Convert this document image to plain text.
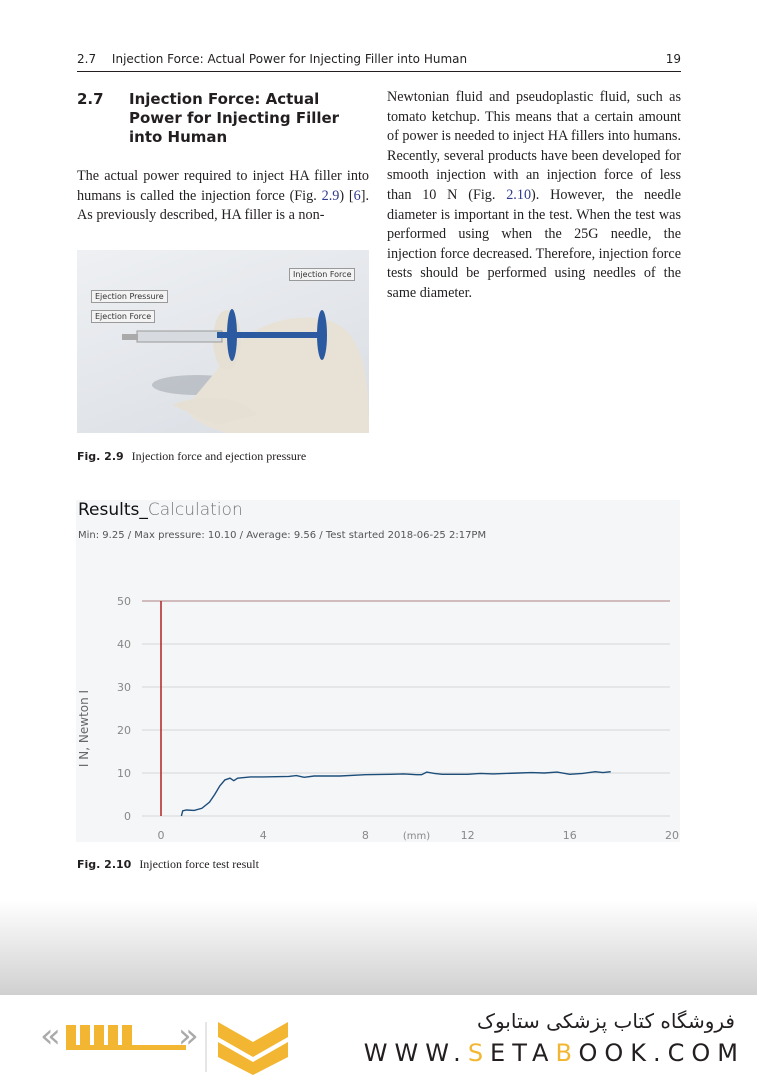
2.7 Injection Force: Actual Power for Injecting Filler into Human	19
2.7 Injection Force: Actual Power for Injecting Filler into Human
The actual power required to inject HA filler into humans is called the injection force (Fig. 2.9) [6]. As previously described, HA filler is a non-
Newtonian fluid and pseudoplastic fluid, such as tomato ketchup. This means that a certain amount of power is needed to inject HA fillers into humans. Recently, several products have been developed for smooth injection with an injection force of less than 10 N (Fig. 2.10). However, the needle diameter is important in the test. When the test was performed using when the 25G needle, the injection force decreased. Therefore, injection force tests should be performed using needles of the same diameter.
Injection Force
Ejection Pressure
Ejection Force
Fig. 2.9 Injection force and ejection pressure
Results_Calculation
Min: 9.25 / Max pressure: 10.10 / Average: 9.56 / Test started 2018-06-25 2:17PM
0
10
20
30
40
50
0	4	8	12	16	20
(mm)
I N, Newton I
Fig. 2.10 Injection force test result
«	»	فروشگاه کتاب پزشکی ستابوک
WWW.SETABOOK.COM
